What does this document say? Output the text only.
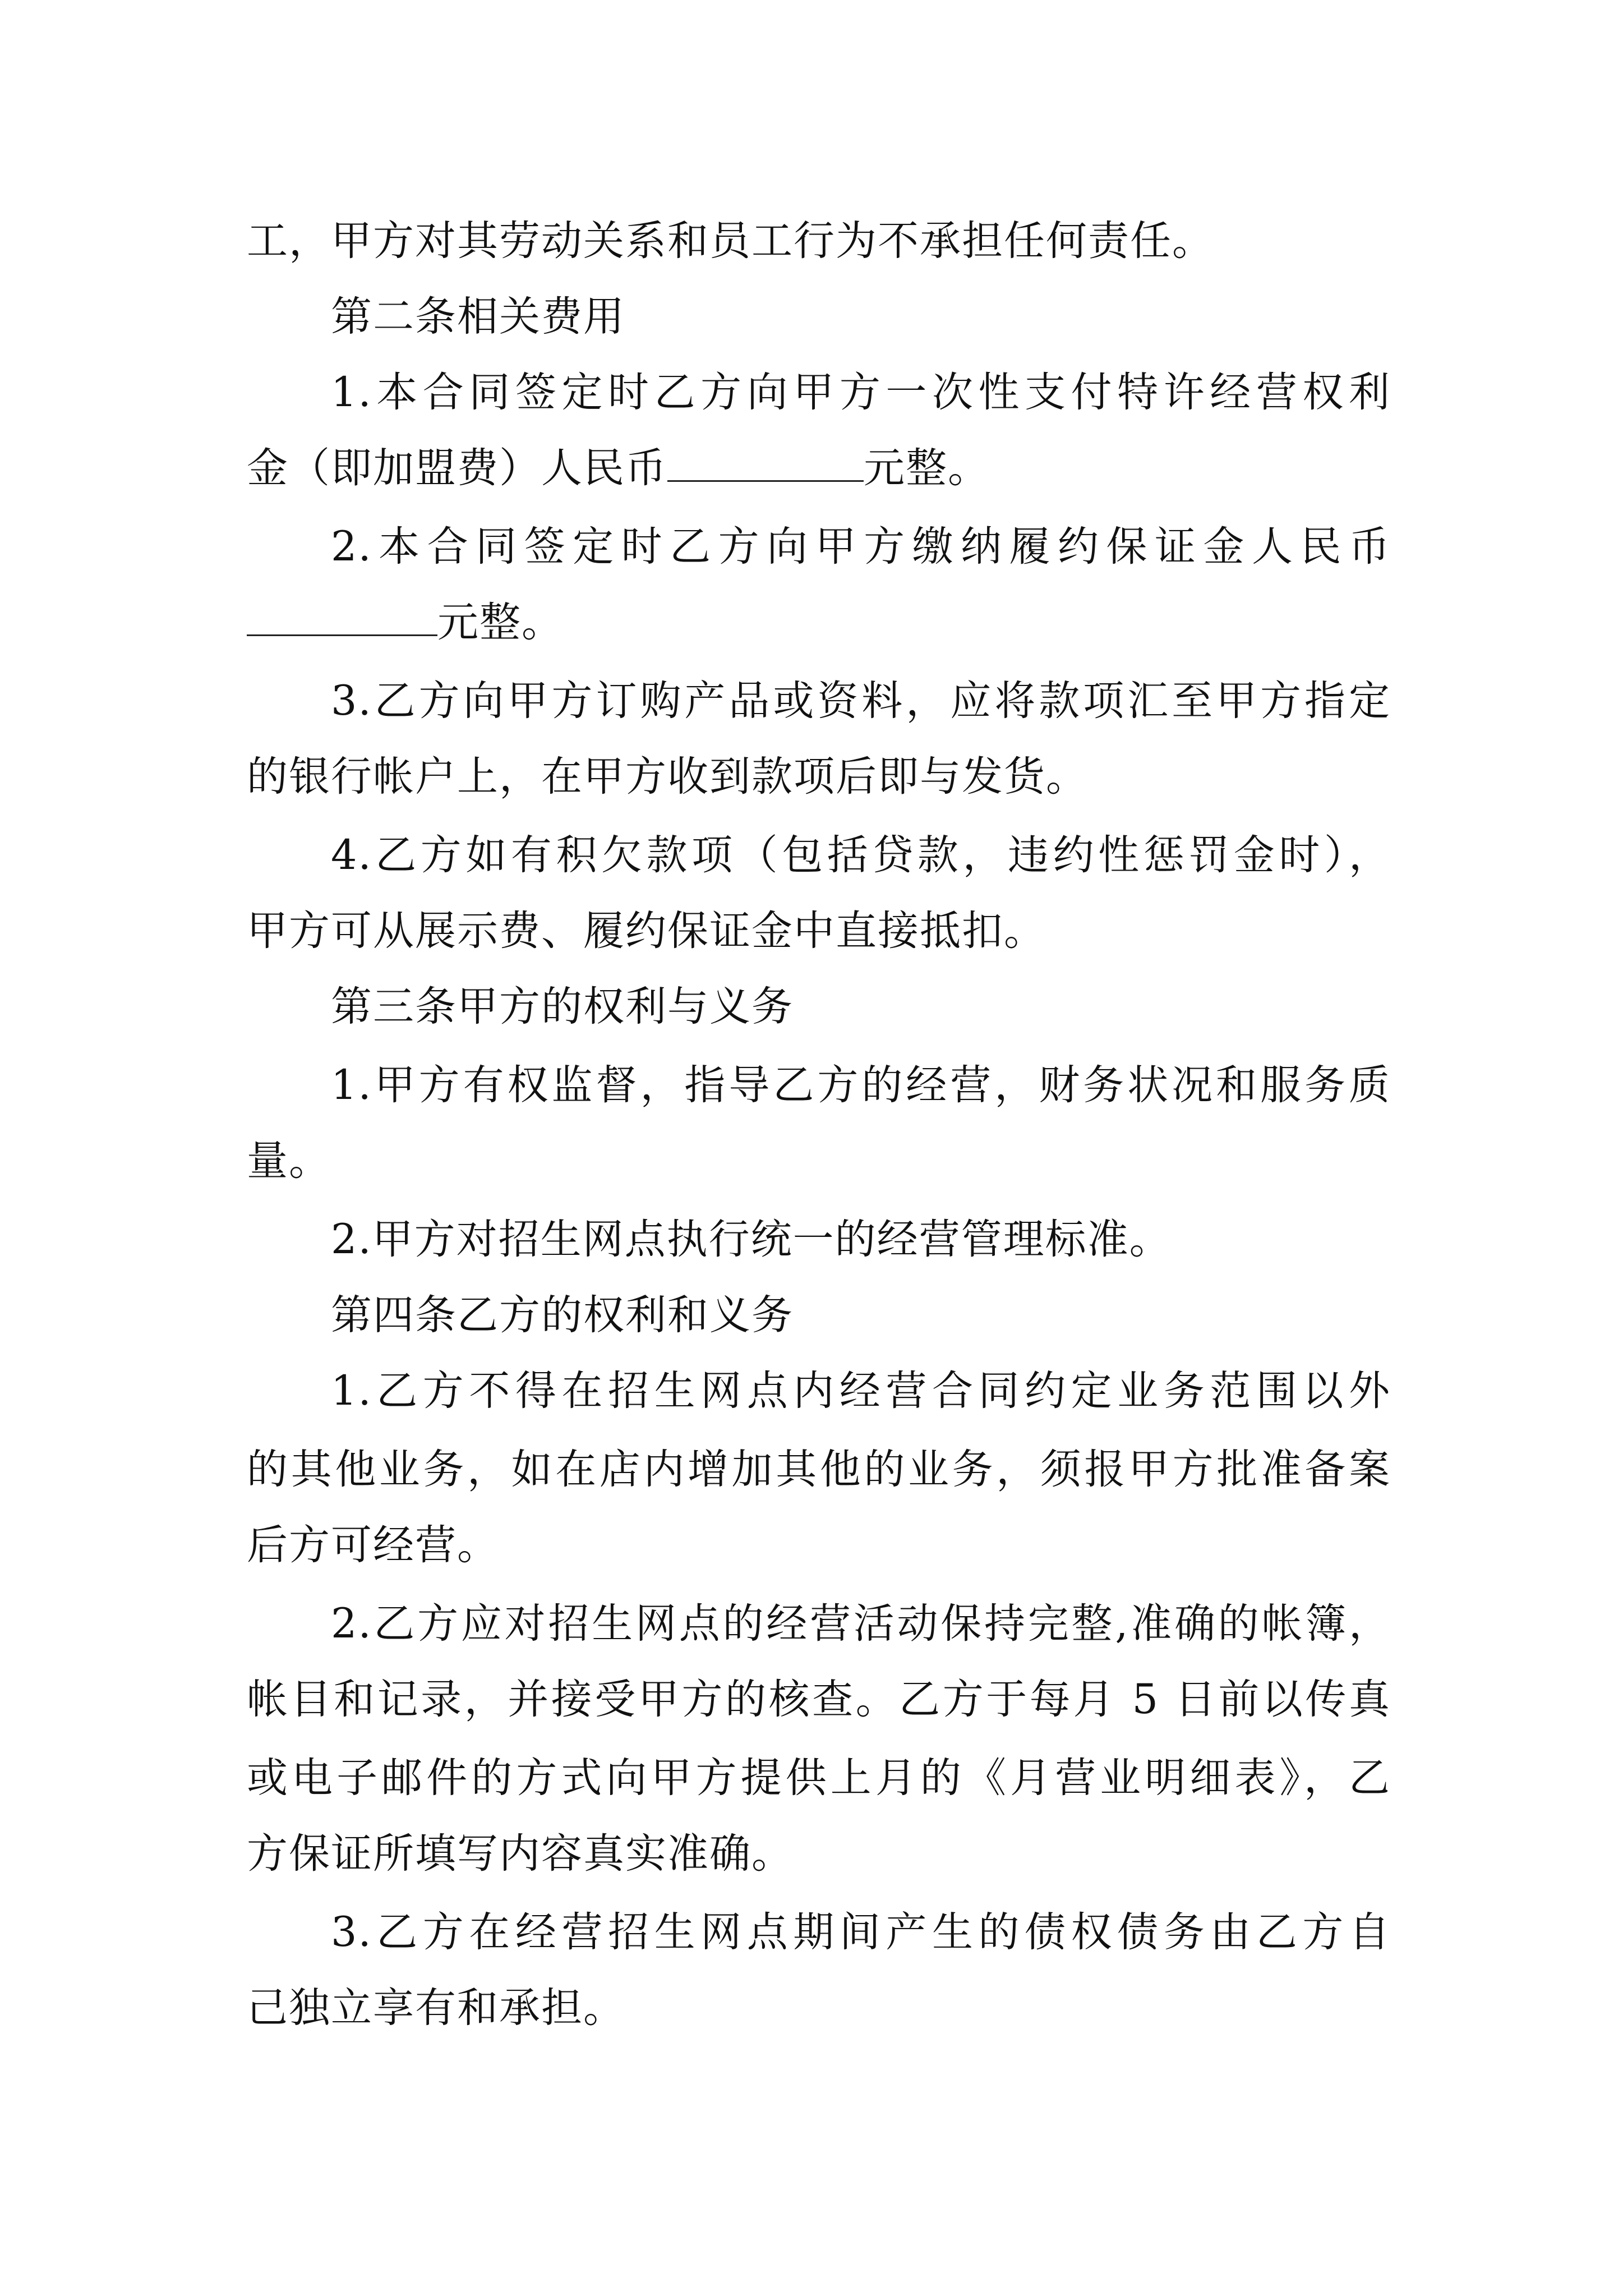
工，甲方对其劳动关系和员工行为不承担任何责任。

第二条相关费用

1.本合同签定时乙方向甲方一次性支付特许经营权利

金（即加盟费）人民币	元整。

2.本合同签定时乙方向甲方缴纳履约保证金人民币

元整。

3.乙方向甲方订购产品或资料，应将款项汇至甲方指定

的银行帐户上，在甲方收到款项后即与发货。

4.乙方如有积欠款项（包括贷款，违约性惩罚金时），

甲方可从展示费、履约保证金中直接抵扣。

第三条甲方的权利与义务

1.甲方有权监督，指导乙方的经营，财务状况和服务质

量。

2.甲方对招生网点执行统一的经营管理标准。

第四条乙方的权利和义务

1.乙方不得在招生网点内经营合同约定业务范围以外

的其他业务，如在店内增加其他的业务，须报甲方批准备案

后方可经营。

2.乙方应对招生网点的经营活动保持完整,准确的帐簿，

帐目和记录，并接受甲方的核查。乙方于每月 5 日前以传真

或电子邮件的方式向甲方提供上月的《月营业明细表》，乙

方保证所填写内容真实准确。

3.乙方在经营招生网点期间产生的债权债务由乙方自

己独立享有和承担。
